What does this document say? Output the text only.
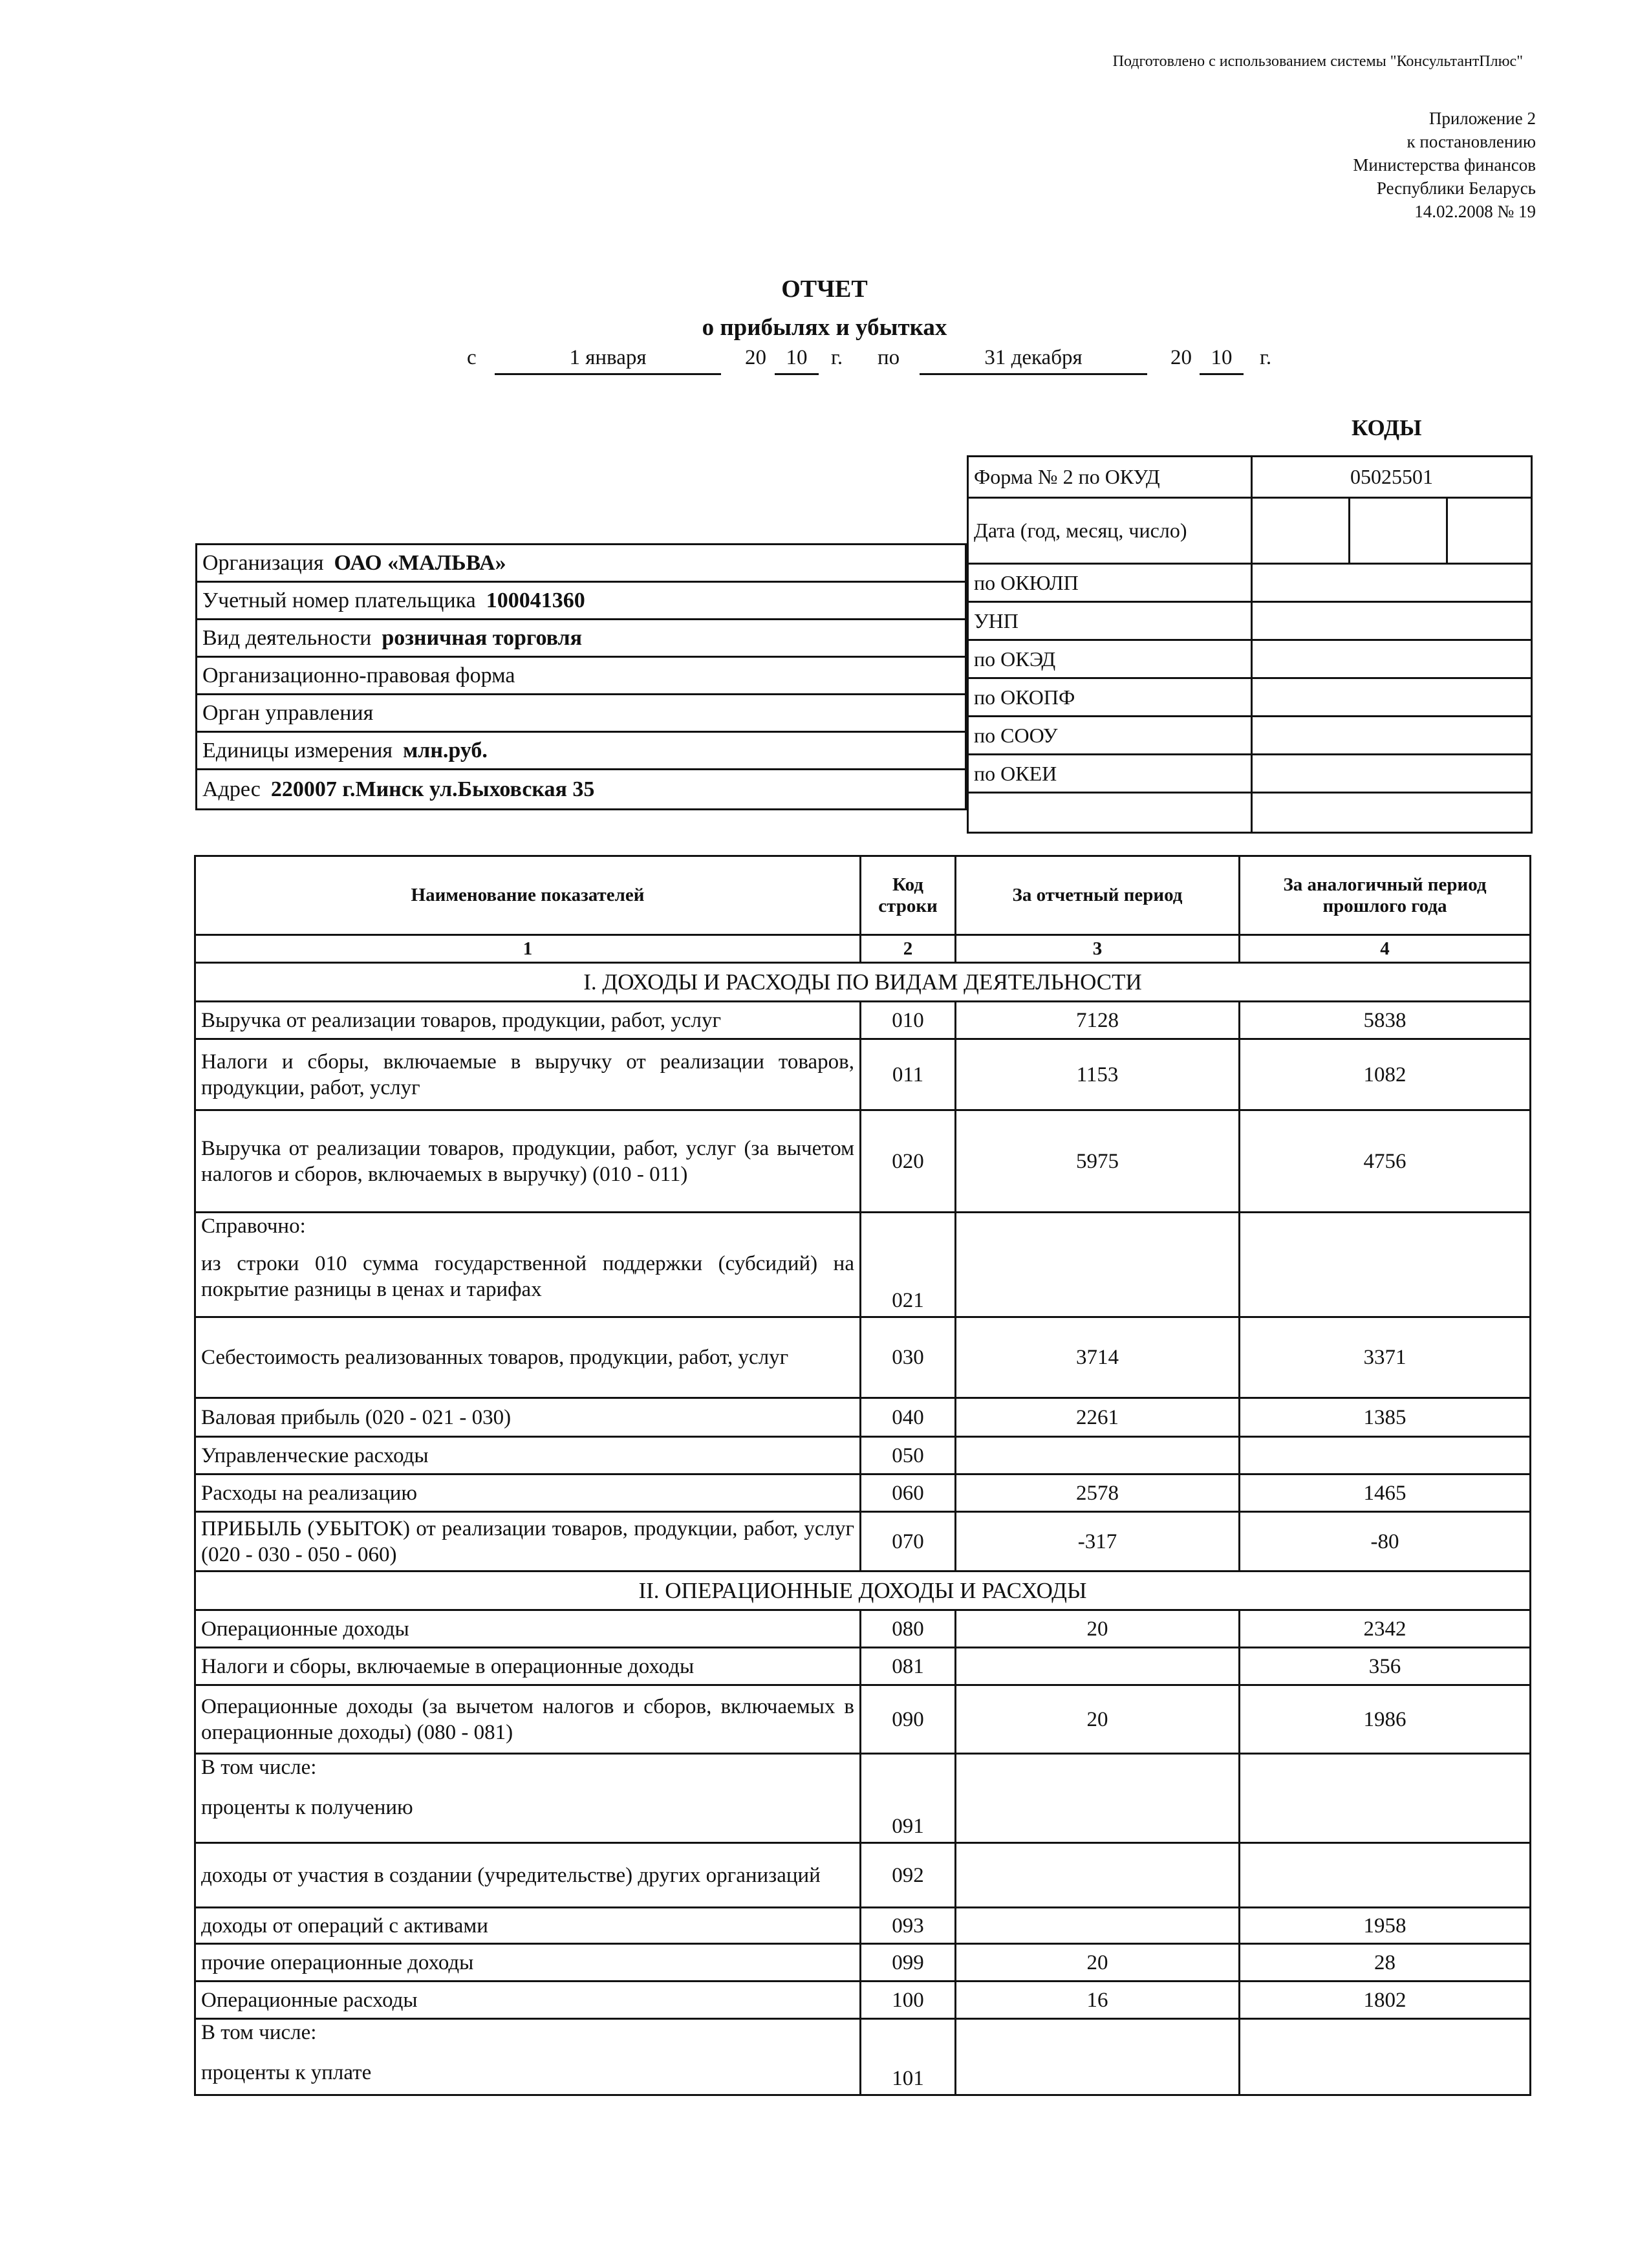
Подготовлено с использованием системы "КонсультантПлюс"
Приложение 2
к постановлению
Министерства финансов
Республики Беларусь
14.02.2008 № 19
ОТЧЕТ
о прибылях и убытках
с	1 января	20 10	г. по	31 декабря	20 10	г.
КОДЫ
Форма № 2 по ОКУД	05025501		
Дата (год, месяц, число)			
Организация ОАО «МАЛЬВА»
Учетный номер плательщика 100041360
Вид деятельности розничная торговля
Организационно-правовая форма
Орган управления
Единицы измерения млн.руб.
Адрес 220007 г.Минск ул.Быховская 35
по ОКЮЛП	
УНП	
по ОКЭД	
по ОКОПФ	
по СООУ	
по ОКЕИ	

Наименование показателей	Код строки	За отчетный период	За аналогичный период прошлого года
1	2	3	4
I. ДОХОДЫ И РАСХОДЫ ПО ВИДАМ ДЕЯТЕЛЬНОСТИ			

Выручка от реализации товаров, продукции, работ, услуг	010	7128	5838

Налоги и сборы, включаемые в выручку от реализации товаров, продукции, работ, услуг	011	1153	1082

Выручка от реализации товаров, продукции, работ, услуг (за вычетом налогов и сборов, включаемых в выручку) (010 - 011)	020	5975	4756

Справочно:
из строки 010 сумма государственной поддержки (субсидий) на покрытие разницы в ценах и тарифах	021		

Себестоимость реализованных товаров, продукции, работ, услуг	030	3714	3371

Валовая прибыль (020 - 021 - 030)	040	2261	1385

Управленческие расходы	050		

Расходы на реализацию	060	2578	1465

ПРИБЫЛЬ (УБЫТОК) от реализации товаров, продукции, работ, услуг (020 - 030 - 050 - 060)	070	-317	-80
II. ОПЕРАЦИОННЫЕ ДОХОДЫ И РАСХОДЫ			

Операционные доходы	080	20	2342

Налоги и сборы, включаемые в операционные доходы	081		356

Операционные доходы (за вычетом налогов и сборов, включаемых в операционные доходы) (080 - 081)	090	20	1986

В том числе:
проценты к получению	091		

доходы от участия в создании (учредительстве) других организаций	092		

доходы от операций с активами	093		1958

прочие операционные доходы	099	20	28

Операционные расходы	100	16	1802

В том числе:
проценты к уплате	101		
